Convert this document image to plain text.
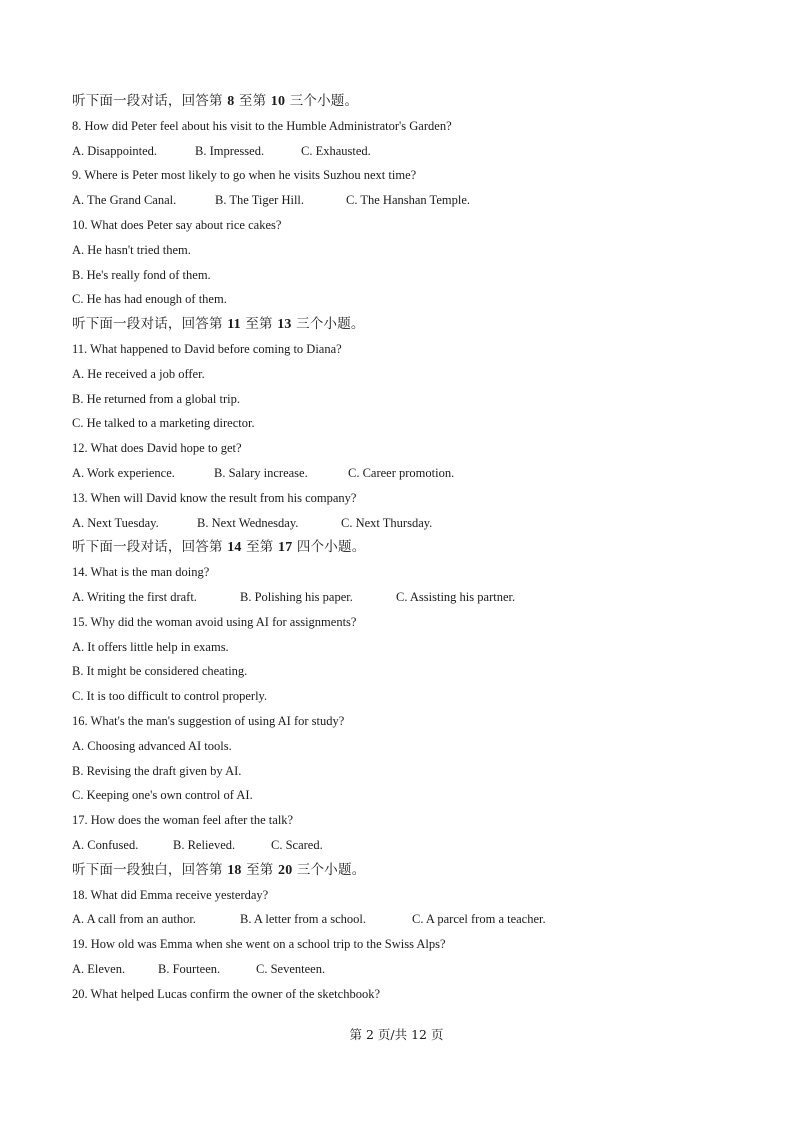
听下面一段对话，回答第 8 至第 10 三个小题。
8. How did Peter feel about his visit to the Humble Administrator's Garden?
A. Disappointed.	B. Impressed.	C. Exhausted.
9. Where is Peter most likely to go when he visits Suzhou next time?
A. The Grand Canal.	B. The Tiger Hill.	C. The Hanshan Temple.
10. What does Peter say about rice cakes?
A. He hasn't tried them.
B. He's really fond of them.
C. He has had enough of them.
听下面一段对话，回答第 11 至第 13 三个小题。
11. What happened to David before coming to Diana?
A. He received a job offer.
B. He returned from a global trip.
C. He talked to a marketing director.
12. What does David hope to get?
A. Work experience.	B. Salary increase.	C. Career promotion.
13. When will David know the result from his company?
A. Next Tuesday.	B. Next Wednesday.	C. Next Thursday.
听下面一段对话，回答第 14 至第 17 四个小题。
14. What is the man doing?
A. Writing the first draft.	B. Polishing his paper.	C. Assisting his partner.
15. Why did the woman avoid using AI for assignments?
A. It offers little help in exams.
B. It might be considered cheating.
C. It is too difficult to control properly.
16. What's the man's suggestion of using AI for study?
A. Choosing advanced AI tools.
B. Revising the draft given by AI.
C. Keeping one's own control of AI.
17. How does the woman feel after the talk?
A. Confused.	B. Relieved.	C. Scared.
听下面一段独白，回答第 18 至第 20 三个小题。
18. What did Emma receive yesterday?
A. A call from an author.	B. A letter from a school.	C. A parcel from a teacher.
19. How old was Emma when she went on a school trip to the Swiss Alps?
A. Eleven.	B. Fourteen.	C. Seventeen.
20. What helped Lucas confirm the owner of the sketchbook?
第 2 页/共 12 页
